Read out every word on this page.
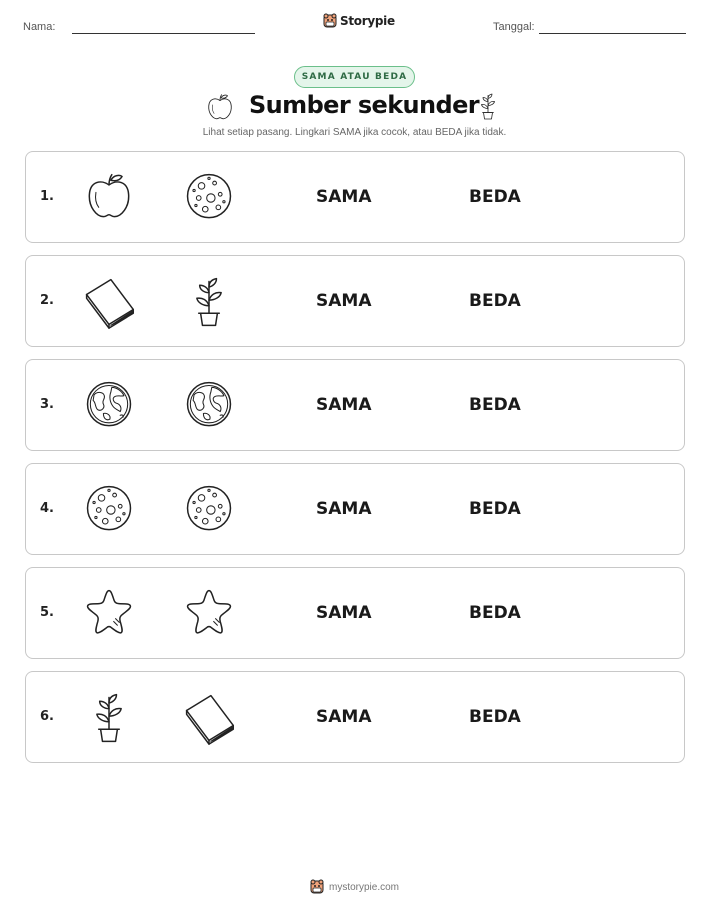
Nama:	Storypie	Tanggal:
SAMA ATAU BEDA
Sumber sekunder

Lihat setiap pasang. Lingkari SAMA jika cocok, atau BEDA jika tidak.

1.	SAMA	BEDA
2.	SAMA	BEDA
3.	SAMA	BEDA
4.	SAMA	BEDA
5.	SAMA	BEDA
6.	SAMA	BEDA
mystorypie.com
